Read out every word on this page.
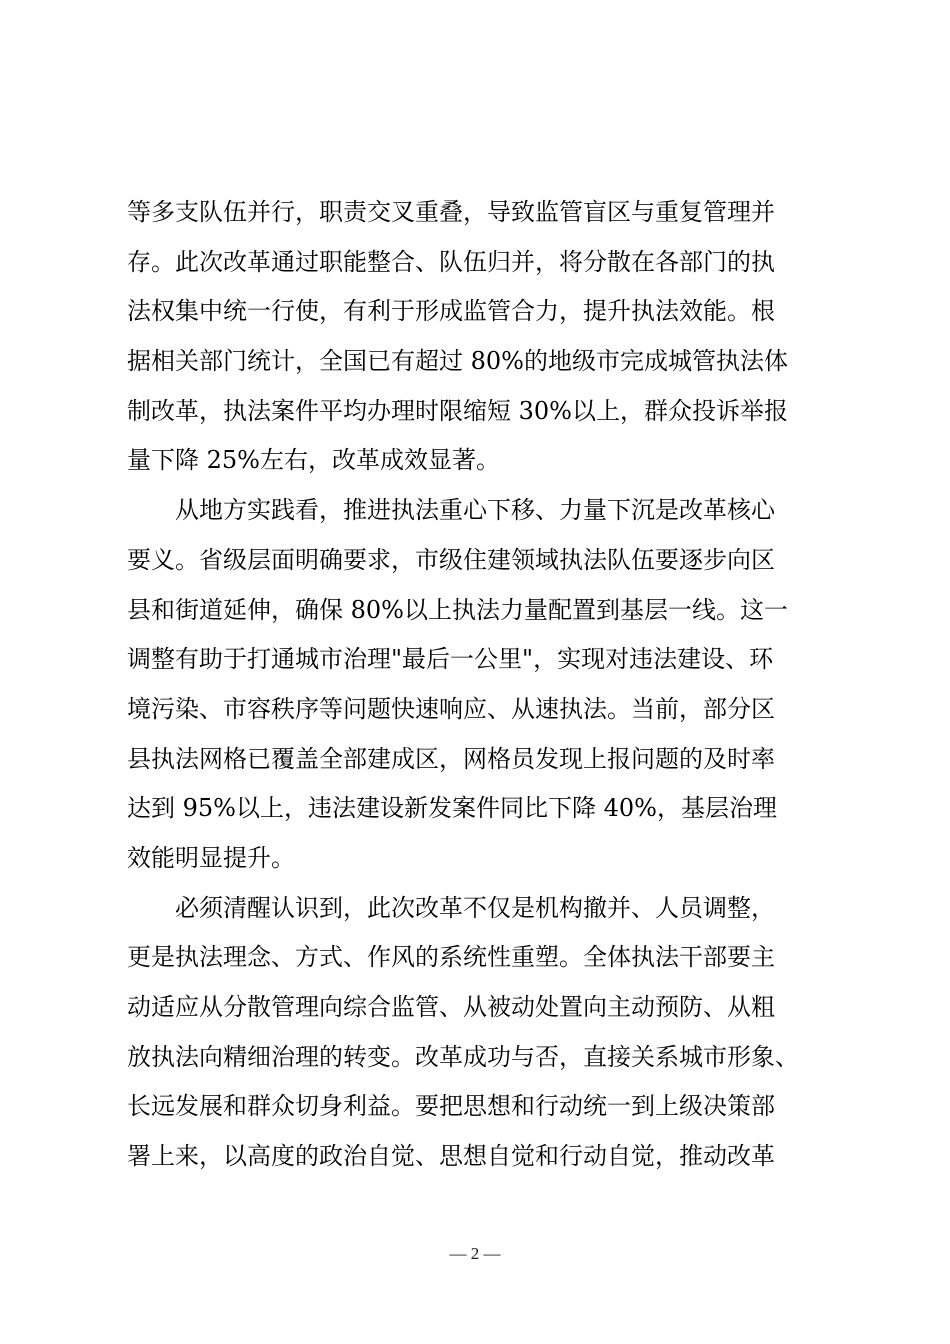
等多支队伍并行，职责交叉重叠，导致监管盲区与重复管理并
存。此次改革通过职能整合、队伍归并，将分散在各部门的执
法权集中统一行使，有利于形成监管合力，提升执法效能。根
据相关部门统计，全国已有超过 80%的地级市完成城管执法体
制改革，执法案件平均办理时限缩短 30%以上，群众投诉举报
量下降 25%左右，改革成效显著。
从地方实践看，推进执法重心下移、力量下沉是改革核心
要义。省级层面明确要求，市级住建领域执法队伍要逐步向区
县和街道延伸，确保 80%以上执法力量配置到基层一线。这一
调整有助于打通城市治理"最后一公里"，实现对违法建设、环
境污染、市容秩序等问题快速响应、从速执法。当前，部分区
县执法网格已覆盖全部建成区，网格员发现上报问题的及时率
达到 95%以上，违法建设新发案件同比下降 40%，基层治理
效能明显提升。
必须清醒认识到，此次改革不仅是机构撤并、人员调整，
更是执法理念、方式、作风的系统性重塑。全体执法干部要主
动适应从分散管理向综合监管、从被动处置向主动预防、从粗
放执法向精细治理的转变。改革成功与否，直接关系城市形象、
长远发展和群众切身利益。要把思想和行动统一到上级决策部
署上来，以高度的政治自觉、思想自觉和行动自觉，推动改革
— 2 —
